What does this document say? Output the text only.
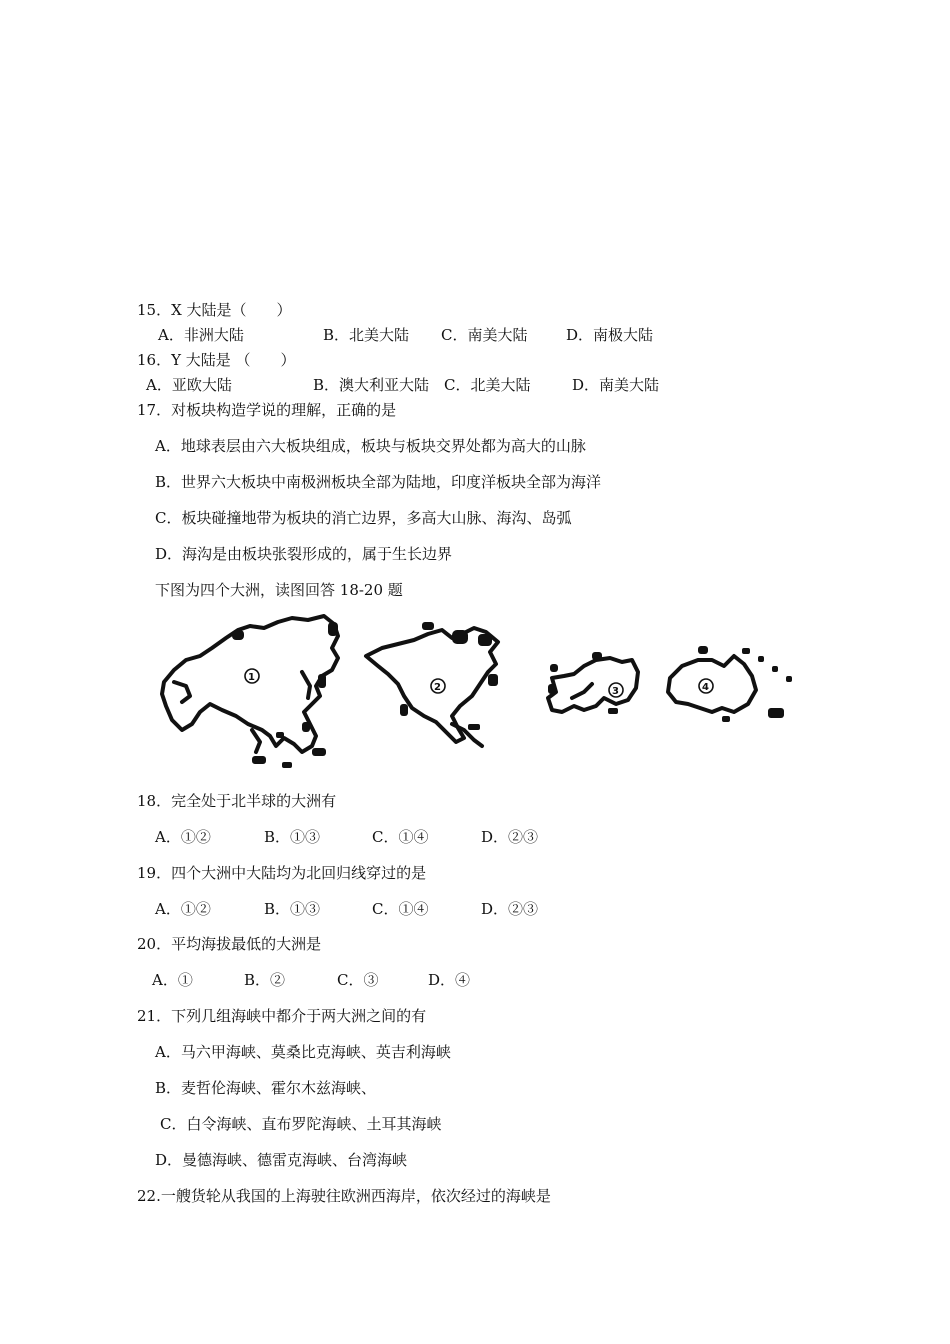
15．X 大陆是（　　）
A．非洲大陆	B．北美大陆 C．南美大陆	D．南极大陆
16．Y 大陆是 （　　）
A．亚欧大陆	B．澳大利亚大陆 C．北美大陆	D．南美大陆
17．对板块构造学说的理解，正确的是
A．地球表层由六大板块组成，板块与板块交界处都为高大的山脉
B．世界六大板块中南极洲板块全部为陆地，印度洋板块全部为海洋
C．板块碰撞地带为板块的消亡边界，多高大山脉、海沟、岛弧
D．海沟是由板块张裂形成的，属于生长边界
下图为四个大洲，读图回答 18-20 题
1
2	3	4
18．完全处于北半球的大洲有
A．①②	B．①③	C．①④	D．②③
19．四个大洲中大陆均为北回归线穿过的是
A．①②	B．①③	C．①④	D．②③
20．平均海拔最低的大洲是
A．①	B．②	C．③	D．④
21．下列几组海峡中都介于两大洲之间的有
A．马六甲海峡、莫桑比克海峡、英吉利海峡
B．麦哲伦海峡、霍尔木兹海峡、
C．白令海峡、直布罗陀海峡、土耳其海峡
D．曼德海峡、德雷克海峡、台湾海峡
22.一艘货轮从我国的上海驶往欧洲西海岸，依次经过的海峡是
